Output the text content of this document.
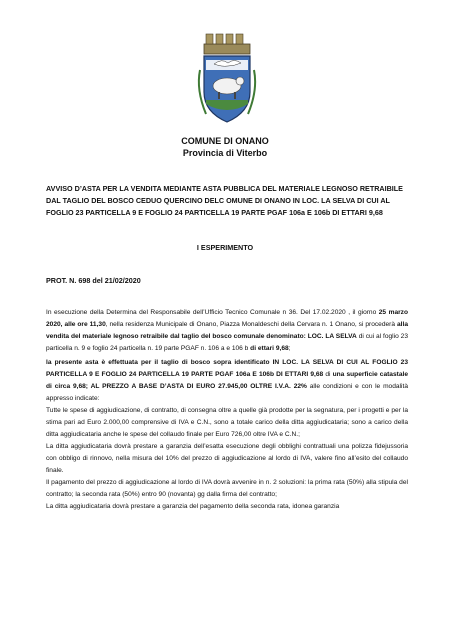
COMUNE DI ONANO
Provincia di Viterbo
AVVISO D’ASTA PER LA VENDITA MEDIANTE ASTA PUBBLICA DEL MATERIALE LEGNOSO RETRAIBILE DAL TAGLIO DEL BOSCO CEDUO QUERCINO DELC OMUNE DI ONANO IN LOC. LA SELVA DI CUI AL FOGLIO 23 PARTICELLA 9 E FOGLIO 24 PARTICELLA 19 PARTE PGAF 106a E 106b DI ETTARI 9,68
I ESPERIMENTO
PROT. N. 698 del 21/02/2020

In esecuzione della Determina del Responsabile dell’Ufficio Tecnico Comunale n 36. Del 17.02.2020 , il giorno 25 marzo 2020, alle ore 11,30, nella residenza Municipale di Onano, Piazza Monaldeschi della Cervara n. 1 Onano, si procederà alla vendita del materiale legnoso retraibile dal taglio del bosco comunale denominato: LOC. LA SELVA di cui al foglio 23 particella n. 9 e foglio 24 particella n. 19 parte PGAF n. 106 a e 106 b di ettari 9,68;

la presente asta è effettuata per il taglio di bosco sopra identificato IN LOC. LA SELVA DI CUI AL FOGLIO 23 PARTICELLA 9 E FOGLIO 24 PARTICELLA 19 PARTE PGAF 106a E 106b DI ETTARI 9,68 di una superficie catastale di circa 9,68; AL PREZZO A BASE D’ASTA DI EURO 27.945,00 OLTRE I.V.A. 22% alle condizioni e con le modalità appresso indicate:

Tutte le spese di aggiudicazione, di contratto, di consegna oltre a quelle già prodotte per la segnatura, per i progetti e per la stima pari ad Euro 2.000,00 comprensive di IVA e C.N., sono a totale carico della ditta aggiudicataria; sono a carico della ditta aggiudicataria anche le spese del collaudo finale per Euro 726,00 oltre IVA e C.N.;

La ditta aggiudicataria dovrà prestare a garanzia dell’esatta esecuzione degli obblighi contrattuali una polizza fidejussoria con obbligo di rinnovo, nella misura del 10% del prezzo di aggiudicazione al lordo di IVA, valere fino all’esito del collaudo finale.

Il pagamento del prezzo di aggiudicazione al lordo di IVA dovrà avvenire in n. 2 soluzioni: la prima rata (50%) alla stipula del contratto; la seconda rata (50%) entro 90 (novanta) gg dalla firma del contratto;

La ditta aggiudicataria dovrà prestare a garanzia del pagamento della seconda rata, idonea garanzia
